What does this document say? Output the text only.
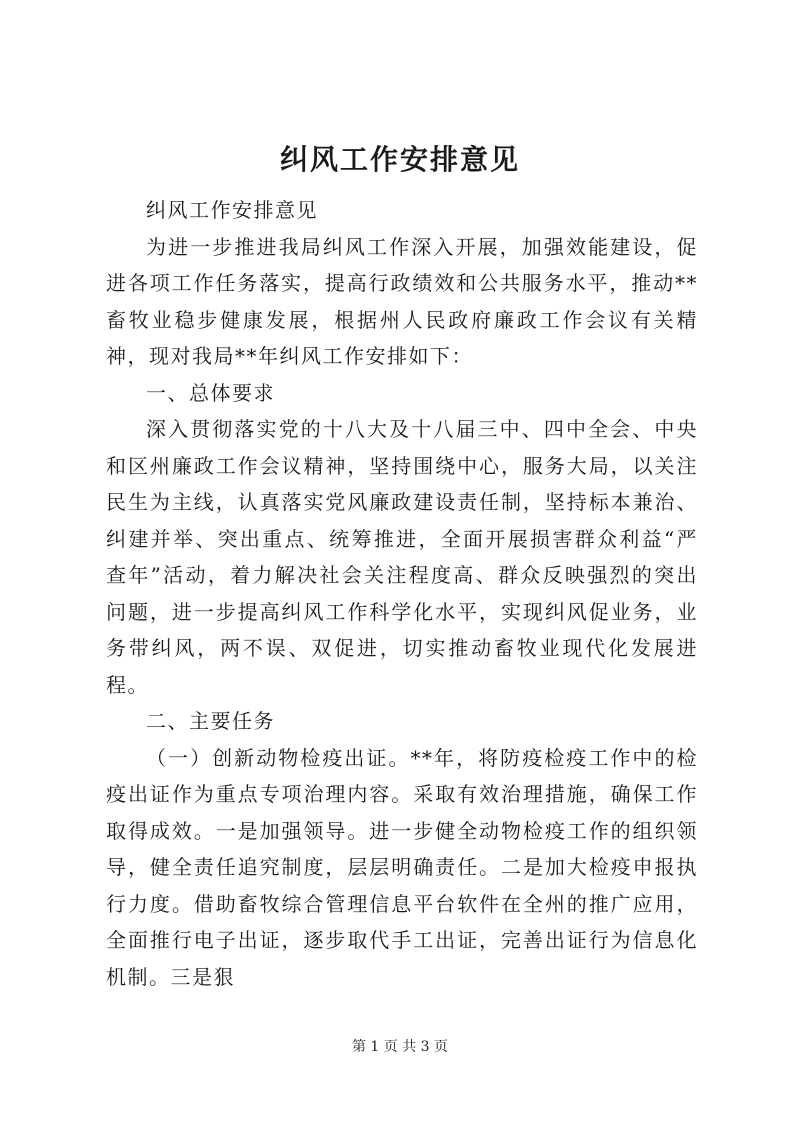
纠风工作安排意见

纠风工作安排意见

为进一步推进我局纠风工作深入开展，加强效能建设，促进各项工作任务落实，提高行政绩效和公共服务水平，推动**畜牧业稳步健康发展，根据州人民政府廉政工作会议有关精神，现对我局**年纠风工作安排如下：

一、总体要求

深入贯彻落实党的十八大及十八届三中、四中全会、中央和区州廉政工作会议精神，坚持围绕中心，服务大局，以关注民生为主线，认真落实党风廉政建设责任制，坚持标本兼治、纠建并举、突出重点、统筹推进，全面开展损害群众利益“严查年”活动，着力解决社会关注程度高、群众反映强烈的突出问题，进一步提高纠风工作科学化水平，实现纠风促业务，业务带纠风，两不误、双促进，切实推动畜牧业现代化发展进程。

二、主要任务

（一）创新动物检疫出证。**年，将防疫检疫工作中的检疫出证作为重点专项治理内容。采取有效治理措施，确保工作取得成效。一是加强领导。进一步健全动物检疫工作的组织领导，健全责任追究制度，层层明确责任。二是加大检疫申报执行力度。借助畜牧综合管理信息平台软件在全州的推广应用，全面推行电子出证，逐步取代手工出证，完善出证行为信息化机制。三是狠

第 1 页 共 3 页
